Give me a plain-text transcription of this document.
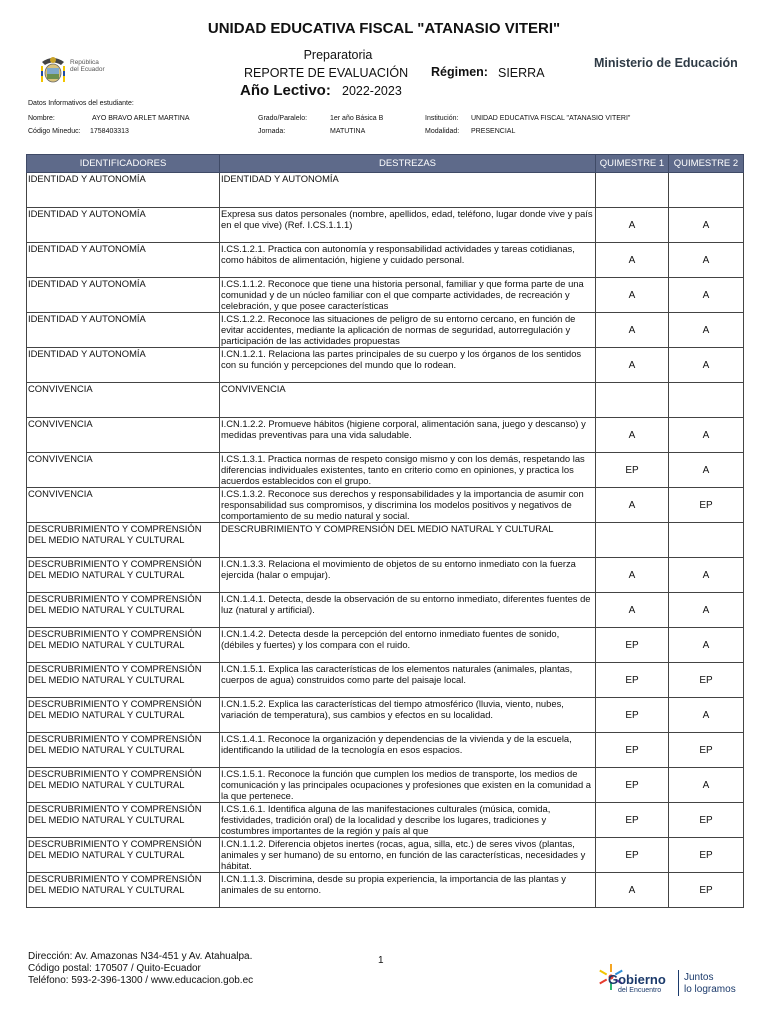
UNIDAD EDUCATIVA FISCAL "ATANASIO VITERI"
Preparatoria
REPORTE DE EVALUACIÓN Régimen: SIERRA
Año Lectivo: 2022-2023
Ministerio de Educación
República
del Ecuador
Datos Informativos del estudiante:
Nombre:	AYO BRAVO ARLET MARTINA
Código Mineduc: 1758403313
Grado/Paralelo:	1er año Básica B
Jornada:	MATUTINA
Institución: UNIDAD EDUCATIVA FISCAL "ATANASIO VITERI"
Modalidad: PRESENCIAL
IDENTIFICADORES	DESTREZAS	QUIMESTRE 1	QUIMESTRE 2
IDENTIDAD Y AUTONOMÍA	IDENTIDAD Y AUTONOMÍA		
IDENTIDAD Y AUTONOMÍA	Expresa sus datos personales (nombre, apellidos, edad, teléfono, lugar donde vive y país en el que vive) (Ref. I.CS.1.1.1)	A	A
IDENTIDAD Y AUTONOMÍA	I.CS.1.2.1. Practica con autonomía y responsabilidad actividades y tareas cotidianas, como hábitos de alimentación, higiene y cuidado personal.	A	A
IDENTIDAD Y AUTONOMÍA	I.CS.1.1.2. Reconoce que tiene una historia personal, familiar y que forma parte de una comunidad y de un núcleo familiar con el que comparte actividades, de recreación y celebración, y que posee características	A	A
IDENTIDAD Y AUTONOMÍA	I.CS.1.2.2. Reconoce las situaciones de peligro de su entorno cercano, en función de evitar accidentes, mediante la aplicación de normas de seguridad, autorregulación y participación de las actividades propuestas	A	A
IDENTIDAD Y AUTONOMÍA	I.CN.1.2.1. Relaciona las partes principales de su cuerpo y los órganos de los sentidos con su función y percepciones del mundo que lo rodean.	A	A
CONVIVENCIA	CONVIVENCIA		
CONVIVENCIA	I.CN.1.2.2. Promueve hábitos (higiene corporal, alimentación sana, juego y descanso) y medidas preventivas para una vida saludable.	A	A
CONVIVENCIA	I.CS.1.3.1. Practica normas de respeto consigo mismo y con los demás, respetando las diferencias individuales existentes, tanto en criterio como en opiniones, y practica los acuerdos establecidos con el grupo.	EP	A
CONVIVENCIA	I.CS.1.3.2. Reconoce sus derechos y responsabilidades y la importancia de asumir con responsabilidad sus compromisos, y discrimina los modelos positivos y negativos de comportamiento de su medio natural y social.	A	EP
DESCRUBRIMIENTO Y COMPRENSIÓN DEL MEDIO NATURAL Y CULTURAL	DESCRUBRIMIENTO Y COMPRENSIÓN DEL MEDIO NATURAL Y CULTURAL		
DESCRUBRIMIENTO Y COMPRENSIÓN DEL MEDIO NATURAL Y CULTURAL	I.CN.1.3.3. Relaciona el movimiento de objetos de su entorno inmediato con la fuerza ejercida (halar o empujar).	A	A
DESCRUBRIMIENTO Y COMPRENSIÓN DEL MEDIO NATURAL Y CULTURAL	I.CN.1.4.1. Detecta, desde la observación de su entorno inmediato, diferentes fuentes de luz (natural y artificial).	A	A
DESCRUBRIMIENTO Y COMPRENSIÓN DEL MEDIO NATURAL Y CULTURAL	I.CN.1.4.2. Detecta desde la percepción del entorno inmediato fuentes de sonido, (débiles y fuertes) y los compara con el ruido.	EP	A
DESCRUBRIMIENTO Y COMPRENSIÓN DEL MEDIO NATURAL Y CULTURAL	I.CN.1.5.1. Explica las características de los elementos naturales (animales, plantas, cuerpos de agua) construidos como parte del paisaje local.	EP	EP
DESCRUBRIMIENTO Y COMPRENSIÓN DEL MEDIO NATURAL Y CULTURAL	I.CN.1.5.2. Explica las características del tiempo atmosférico (lluvia, viento, nubes, variación de temperatura), sus cambios y efectos en su localidad.	EP	A
DESCRUBRIMIENTO Y COMPRENSIÓN DEL MEDIO NATURAL Y CULTURAL	I.CS.1.4.1. Reconoce la organización y dependencias de la vivienda y de la escuela, identificando la utilidad de la tecnología en esos espacios.	EP	EP
DESCRUBRIMIENTO Y COMPRENSIÓN DEL MEDIO NATURAL Y CULTURAL	I.CS.1.5.1. Reconoce la función que cumplen los medios de transporte, los medios de comunicación y las principales ocupaciones y profesiones que existen en la comunidad a la que pertenece.	EP	A
DESCRUBRIMIENTO Y COMPRENSIÓN DEL MEDIO NATURAL Y CULTURAL	I.CS.1.6.1. Identifica alguna de las manifestaciones culturales (música, comida, festividades, tradición oral) de la localidad y describe los lugares, tradiciones y costumbres importantes de la región y país al que	EP	EP
DESCRUBRIMIENTO Y COMPRENSIÓN DEL MEDIO NATURAL Y CULTURAL	I.CN.1.1.2. Diferencia objetos inertes (rocas, agua, silla, etc.) de seres vivos (plantas, animales y ser humano) de su entorno, en función de las características, necesidades y hábitat.	EP	EP
DESCRUBRIMIENTO Y COMPRENSIÓN DEL MEDIO NATURAL Y CULTURAL	I.CN.1.1.3. Discrimina, desde su propia experiencia, la importancia de las plantas y animales de su entorno.	A	EP
Dirección: Av. Amazonas N34-451 y Av. Atahualpa.
Código postal: 170507 / Quito-Ecuador
Teléfono: 593-2-396-1300 / www.educacion.gob.ec
1
Gobierno
del Encuentro
Juntos
lo logramos
